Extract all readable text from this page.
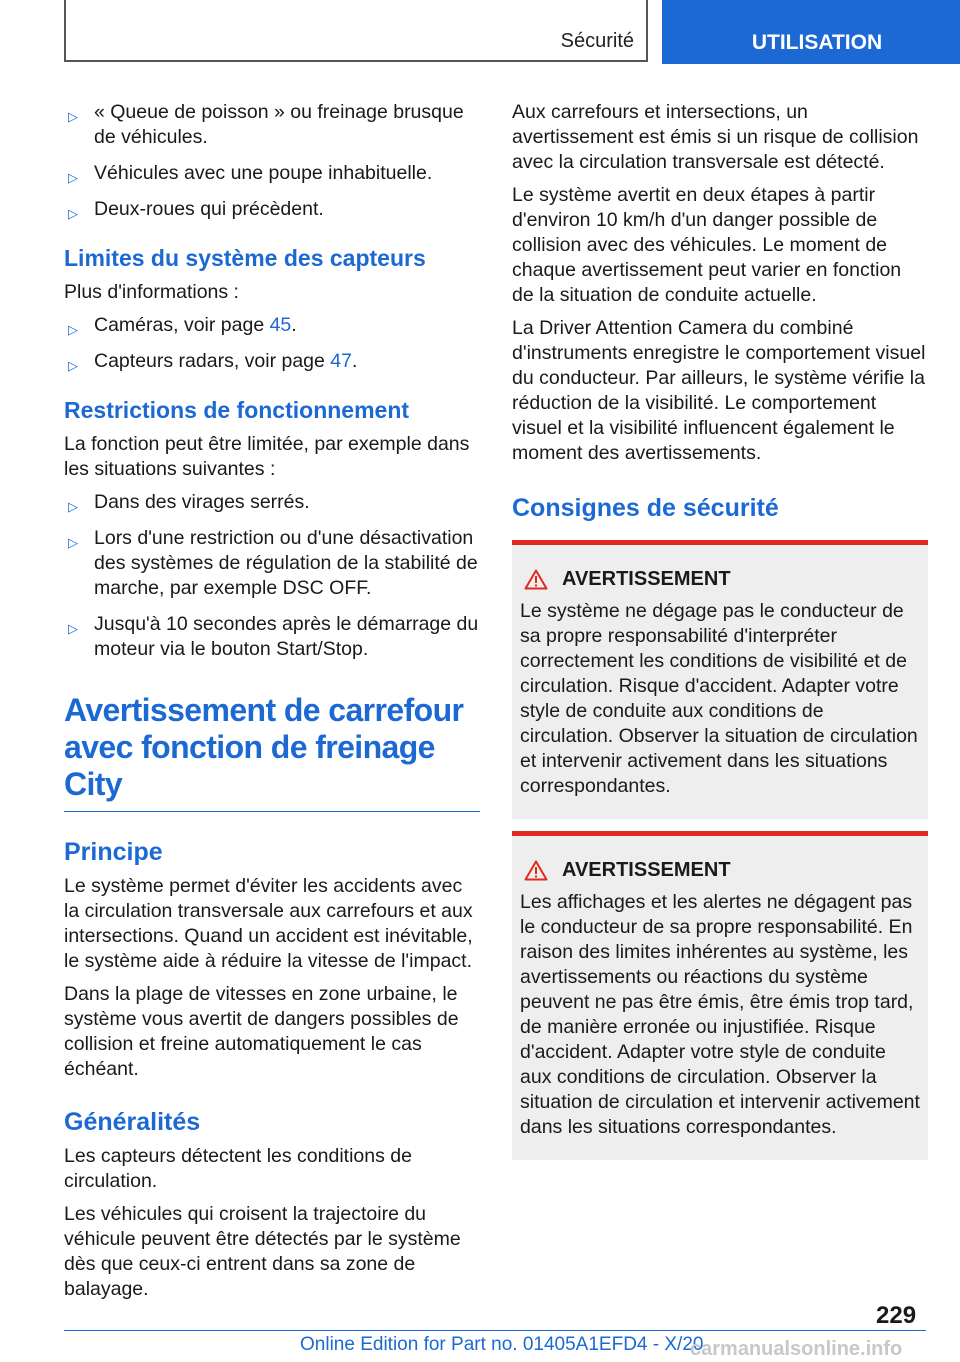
Sécurité	UTILISATION
▷ « Queue de poisson » ou freinage brusque de véhicules.
▷ Véhicules avec une poupe inhabituelle.
▷ Deux-roues qui précèdent.
Limites du système des capteurs

Plus d'informations :

▷ Caméras, voir page 45.
▷ Capteurs radars, voir page 47.
Restrictions de fonctionnement

La fonction peut être limitée, par exemple dans les situations suivantes :

▷ Dans des virages serrés.
▷ Lors d'une restriction ou d'une désactivation des systèmes de régulation de la stabilité de marche, par exemple DSC OFF.
▷ Jusqu'à 10 secondes après le démarrage du moteur via le bouton Start/Stop.
Avertissement de carrefour avec fonction de freinage City
Principe

Le système permet d'éviter les accidents avec la circulation transversale aux carrefours et aux intersections. Quand un accident est inévitable, le système aide à réduire la vitesse de l'impact.

Dans la plage de vitesses en zone urbaine, le système vous avertit de dangers possibles de collision et freine automatiquement le cas échéant.

Généralités

Les capteurs détectent les conditions de circulation.

Les véhicules qui croisent la trajectoire du véhicule peuvent être détectés par le système dès que ceux-ci entrent dans sa zone de balayage.

Aux carrefours et intersections, un avertissement est émis si un risque de collision avec la circulation transversale est détecté.

Le système avertit en deux étapes à partir d'environ 10 km/h d'un danger possible de collision avec des véhicules. Le moment de chaque avertissement peut varier en fonction de la situation de conduite actuelle.

La Driver Attention Camera du combiné d'instruments enregistre le comportement visuel du conducteur. Par ailleurs, le système vérifie la réduction de la visibilité. Le comportement visuel et la visibilité influencent également le moment des avertissements.

Consignes de sécurité
AVERTISSEMENT

Le système ne dégage pas le conducteur de sa propre responsabilité d'interpréter correctement les conditions de visibilité et de circulation. Risque d'accident. Adapter votre style de conduite aux conditions de circulation. Observer la situation de circulation et intervenir activement dans les situations correspondantes.

AVERTISSEMENT

Les affichages et les alertes ne dégagent pas le conducteur de sa propre responsabilité. En raison des limites inhérentes au système, les avertissements ou réactions du système peuvent ne pas être émis, être émis trop tard, de manière erronée ou injustifiée. Risque d'accident. Adapter votre style de conduite aux conditions de circulation. Observer la situation de circulation et intervenir activement dans les situations correspondantes.

229
Online Edition for Part no. 01405A1EFD4 - X/20
carmanualsonline.info
